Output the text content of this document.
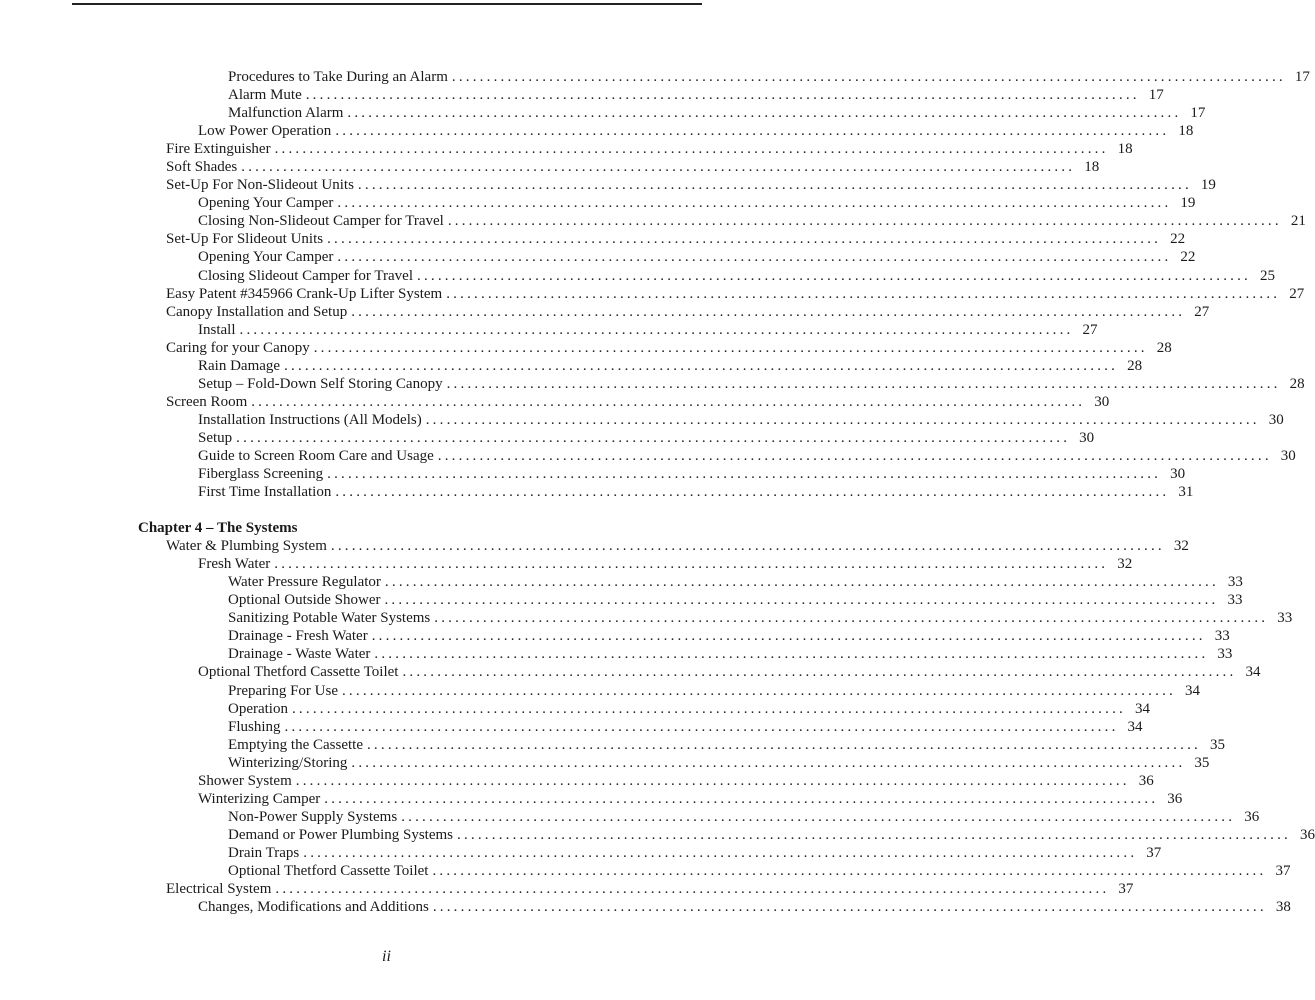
Procedures to Take During an Alarm ........................................................................................................................ 17
Alarm Mute ........................................................................................................................ 17
Malfunction Alarm ........................................................................................................................ 17
Low Power Operation ........................................................................................................................ 18
Fire Extinguisher ........................................................................................................................ 18
Soft Shades ........................................................................................................................ 18
Set-Up For Non-Slideout Units ........................................................................................................................ 19
Opening Your Camper ........................................................................................................................ 19
Closing Non-Slideout Camper for Travel ........................................................................................................................ 21
Set-Up For Slideout Units ........................................................................................................................ 22
Opening Your Camper ........................................................................................................................ 22
Closing Slideout Camper for Travel ........................................................................................................................ 25
Easy Patent #345966 Crank-Up Lifter System ........................................................................................................................ 27
Canopy Installation and Setup ........................................................................................................................ 27
Install ........................................................................................................................ 27
Caring for your Canopy ........................................................................................................................ 28
Rain Damage ........................................................................................................................ 28
Setup – Fold-Down Self Storing Canopy ........................................................................................................................ 28
Screen Room ........................................................................................................................ 30
Installation Instructions (All Models) ........................................................................................................................ 30
Setup ........................................................................................................................ 30
Guide to Screen Room Care and Usage ........................................................................................................................ 30
Fiberglass Screening ........................................................................................................................ 30
First Time Installation ........................................................................................................................ 31
Chapter 4 – The Systems
Water & Plumbing System ........................................................................................................................ 32
Fresh Water ........................................................................................................................ 32
Water Pressure Regulator ........................................................................................................................ 33
Optional Outside Shower ........................................................................................................................ 33
Sanitizing Potable Water Systems ........................................................................................................................ 33
Drainage - Fresh Water ........................................................................................................................ 33
Drainage - Waste Water ........................................................................................................................ 33
Optional Thetford Cassette Toilet ........................................................................................................................ 34
Preparing For Use ........................................................................................................................ 34
Operation ........................................................................................................................ 34
Flushing ........................................................................................................................ 34
Emptying the Cassette ........................................................................................................................ 35
Winterizing/Storing ........................................................................................................................ 35
Shower System ........................................................................................................................ 36
Winterizing Camper ........................................................................................................................ 36
Non-Power Supply Systems ........................................................................................................................ 36
Demand or Power Plumbing Systems ........................................................................................................................ 36
Drain Traps ........................................................................................................................ 37
Optional Thetford Cassette Toilet ........................................................................................................................ 37
Electrical System ........................................................................................................................ 37
Changes, Modifications and Additions ........................................................................................................................ 38
ii
